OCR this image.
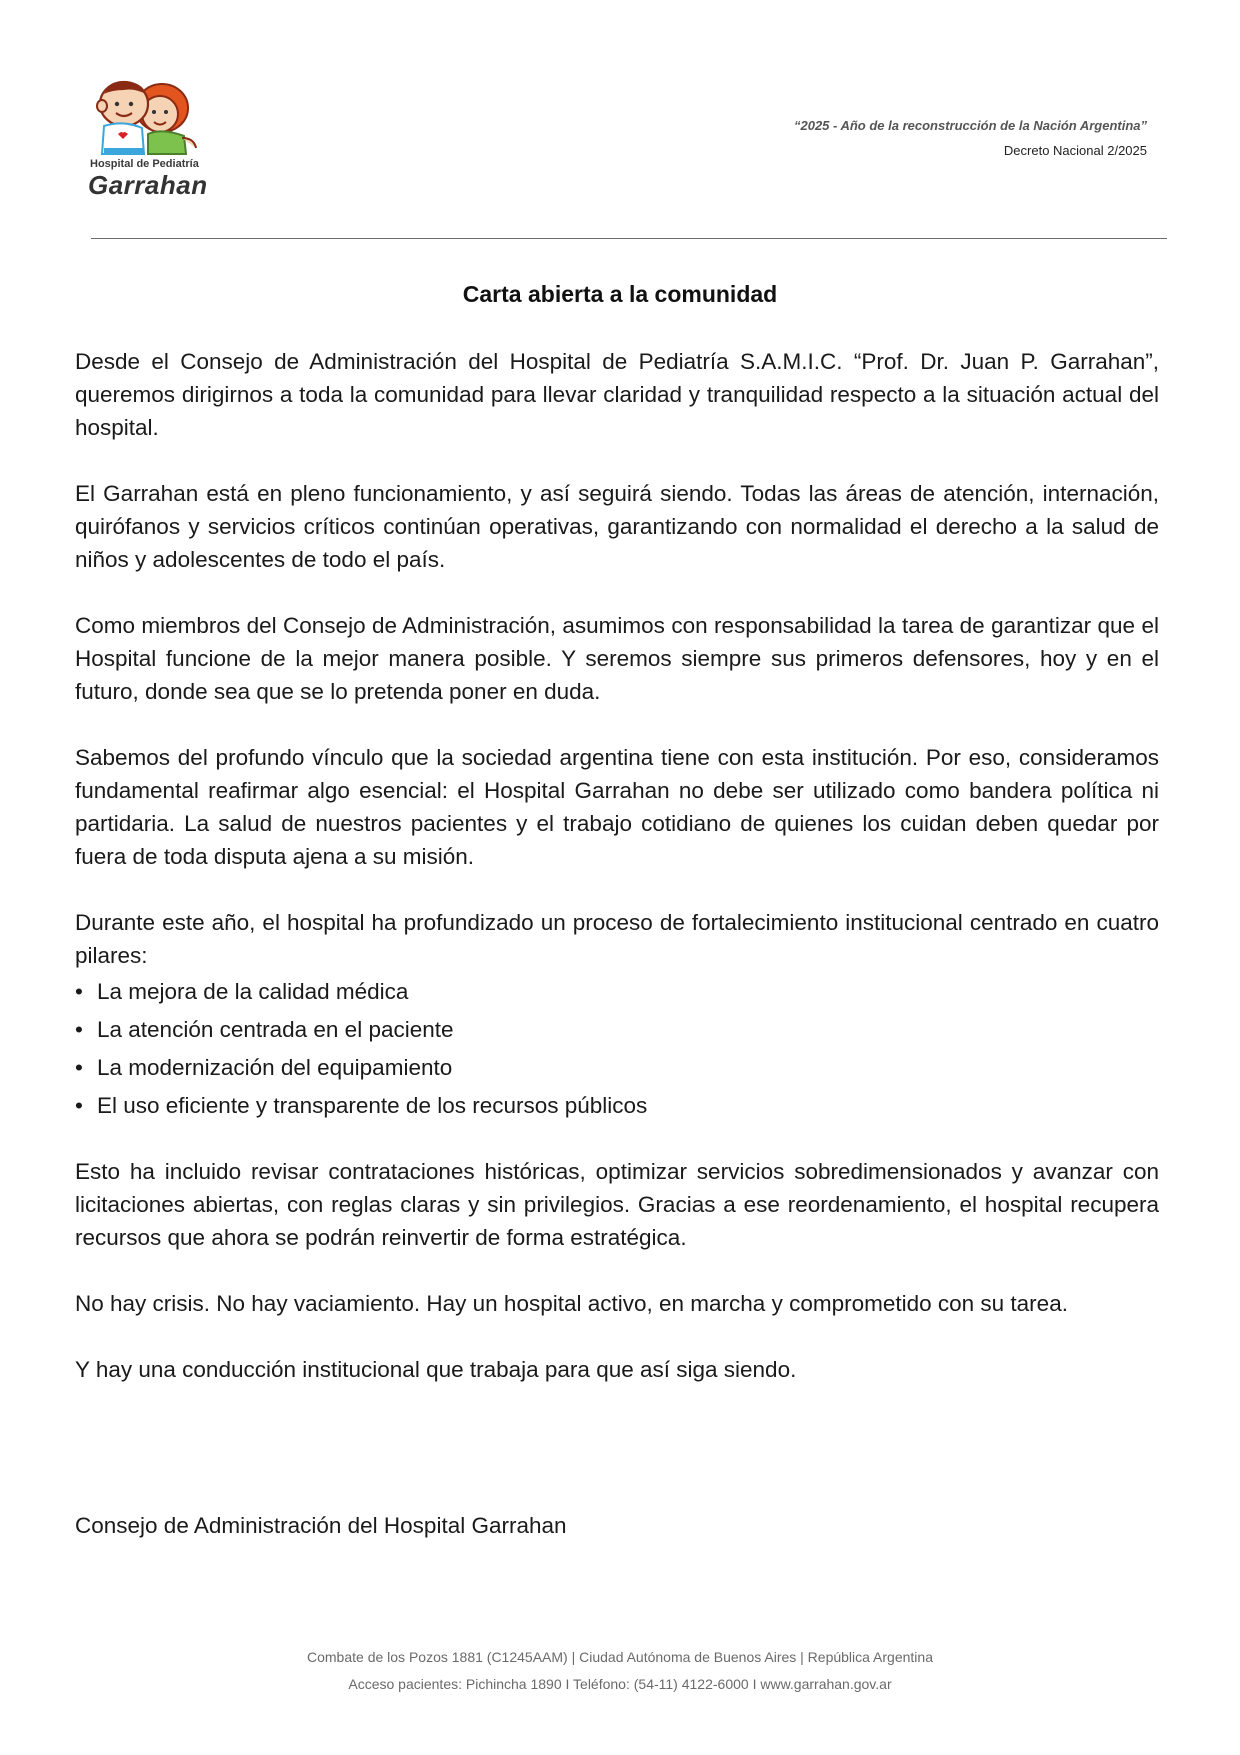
Hospital de Pediatría
Garrahan
“2025 - Año de la reconstrucción de la Nación Argentina”
Decreto Nacional 2/2025
Carta abierta a la comunidad

Desde el Consejo de Administración del Hospital de Pediatría S.A.M.I.C. “Prof. Dr. Juan P. Garrahan”, queremos dirigirnos a toda la comunidad para llevar claridad y tranquilidad respecto a la situación actual del hospital.

El Garrahan está en pleno funcionamiento, y así seguirá siendo. Todas las áreas de atención, internación, quirófanos y servicios críticos continúan operativas, garantizando con normalidad el derecho a la salud de niños y adolescentes de todo el país.

Como miembros del Consejo de Administración, asumimos con responsabilidad la tarea de garantizar que el Hospital funcione de la mejor manera posible. Y seremos siempre sus primeros defensores, hoy y en el futuro, donde sea que se lo pretenda poner en duda.

Sabemos del profundo vínculo que la sociedad argentina tiene con esta institución. Por eso, consideramos fundamental reafirmar algo esencial: el Hospital Garrahan no debe ser utilizado como bandera política ni partidaria. La salud de nuestros pacientes y el trabajo cotidiano de quienes los cuidan deben quedar por fuera de toda disputa ajena a su misión.

Durante este año, el hospital ha profundizado un proceso de fortalecimiento institucional centrado en cuatro pilares:

• La mejora de la calidad médica
• La atención centrada en el paciente
• La modernización del equipamiento
• El uso eficiente y transparente de los recursos públicos

Esto ha incluido revisar contrataciones históricas, optimizar servicios sobredimensionados y avanzar con licitaciones abiertas, con reglas claras y sin privilegios. Gracias a ese reordenamiento, el hospital recupera recursos que ahora se podrán reinvertir de forma estratégica.

No hay crisis. No hay vaciamiento. Hay un hospital activo, en marcha y comprometido con su tarea.

Y hay una conducción institucional que trabaja para que así siga siendo.

Consejo de Administración del Hospital Garrahan
Combate de los Pozos 1881 (C1245AAM) | Ciudad Autónoma de Buenos Aires | República Argentina
Acceso pacientes: Pichincha 1890 I Teléfono: (54-11) 4122-6000 I www.garrahan.gov.ar
